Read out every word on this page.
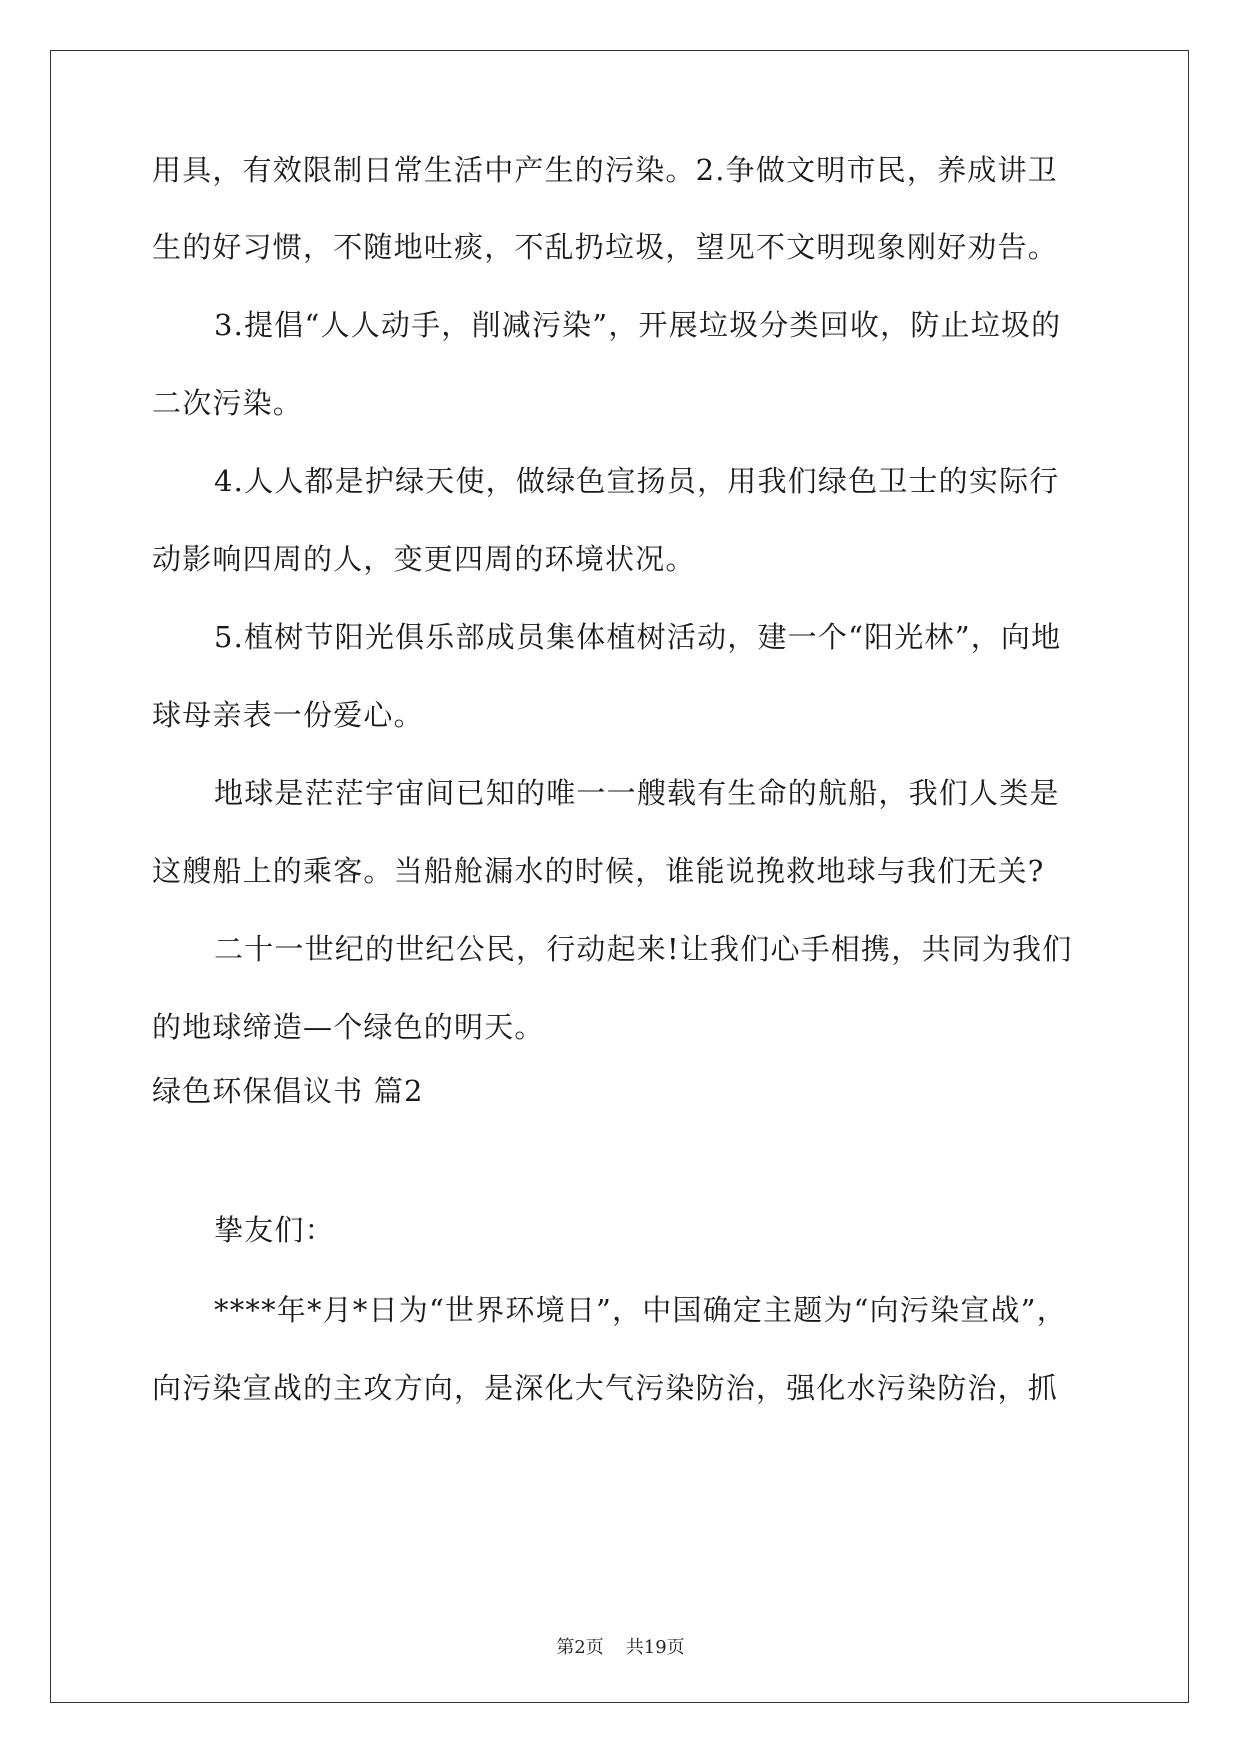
用具，有效限制日常生活中产生的污染。2.争做文明市民，养成讲卫
生的好习惯，不随地吐痰，不乱扔垃圾，望见不文明现象刚好劝告。
3.提倡“人人动手，削减污染”，开展垃圾分类回收，防止垃圾的
二次污染。
4.人人都是护绿天使，做绿色宣扬员，用我们绿色卫士的实际行
动影响四周的人，变更四周的环境状况。
5.植树节阳光俱乐部成员集体植树活动，建一个“阳光林”，向地
球母亲表一份爱心。
地球是茫茫宇宙间已知的唯一一艘载有生命的航船，我们人类是
这艘船上的乘客。当船舱漏水的时候，谁能说挽救地球与我们无关?
二十一世纪的世纪公民，行动起来!让我们心手相携，共同为我们
的地球缔造—个绿色的明天。
绿色环保倡议书 篇2
挚友们：
****年*月*日为“世界环境日”，中国确定主题为“向污染宣战”，
向污染宣战的主攻方向，是深化大气污染防治，强化水污染防治，抓
第2页 共19页
